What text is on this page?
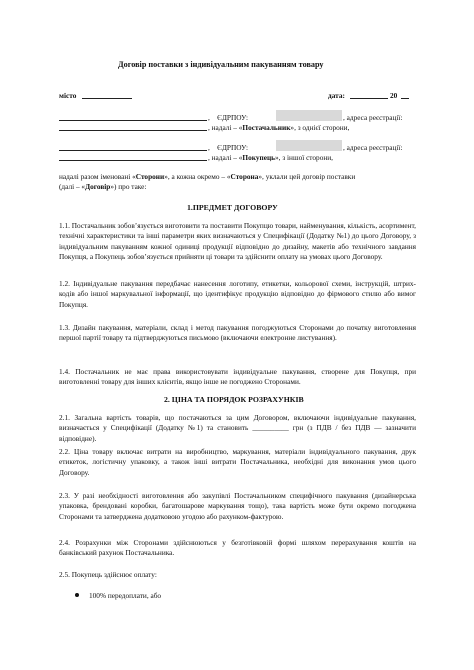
Договір поставки з індивідуальним пакуванням товару
місто	дата:	20
, ЄДРПОУ:	, адреса реєстрації:
, надалі – «Постачальник», з однієї сторони,
, ЄДРПОУ:	, адреса реєстрації:
, надалі – «Покупець», з іншої сторони,
надалі разом іменовані «Сторони», а кожна окремо – «Сторона», уклали цей договір поставки
(далі – «Договір») про таке:
1.ПРЕДМЕТ ДОГОВОРУ
1.1. Постачальник зобов’язується виготовити та поставити Покупцю товари, найменування, кількість, асортимент, технічні характеристики та інші параметри яких визначаються у Специфікації (Додатку №1) до цього Договору, з індивідуальним пакуванням кожної одиниці продукції відповідно до дизайну, макетів або технічного завдання Покупця, а Покупець зобов’язується прийняти ці товари та здійснити оплату на умовах цього Договору.
1.2. Індивідуальне пакування передбачає нанесення логотипу, етикетки, кольорової схеми, інструкцій, штрих-кодів або іншої маркувальної інформації, що ідентифікує продукцію відповідно до фірмового стилю або вимог Покупця.
1.3. Дизайн пакування, матеріали, склад і метод пакування погоджуються Сторонами до початку виготовлення першої партії товару та підтверджуються письмово (включаючи електронне листування).
1.4. Постачальник не має права використовувати індивідуальне пакування, створене для Покупця, при виготовленні товару для інших клієнтів, якщо інше не погоджено Сторонами.
2. ЦІНА ТА ПОРЯДОК РОЗРАХУНКІВ
2.1. Загальна вартість товарів, що постачаються за цим Договором, включаючи індивідуальне пакування, визначається у Специфікації (Додатку №1) та становить __________ грн (з ПДВ / без ПДВ — зазначити відповідне).
2.2. Ціна товару включає витрати на виробництво, маркування, матеріали індивідуального пакування, друк етикеток, логістичну упаковку, а також інші витрати Постачальника, необхідні для виконання умов цього Договору.
2.3. У разі необхідності виготовлення або закупівлі Постачальником специфічного пакування (дизайнерська упаковка, брендовані коробки, багатошарове маркування тощо), така вартість може бути окремо погоджена Сторонами та затверджена додатковою угодою або рахунком-фактурою.
2.4. Розрахунки між Сторонами здійснюються у безготівковій формі шляхом перерахування коштів на банківський рахунок Постачальника.
2.5. Покупець здійснює оплату:
100% передоплати, або
